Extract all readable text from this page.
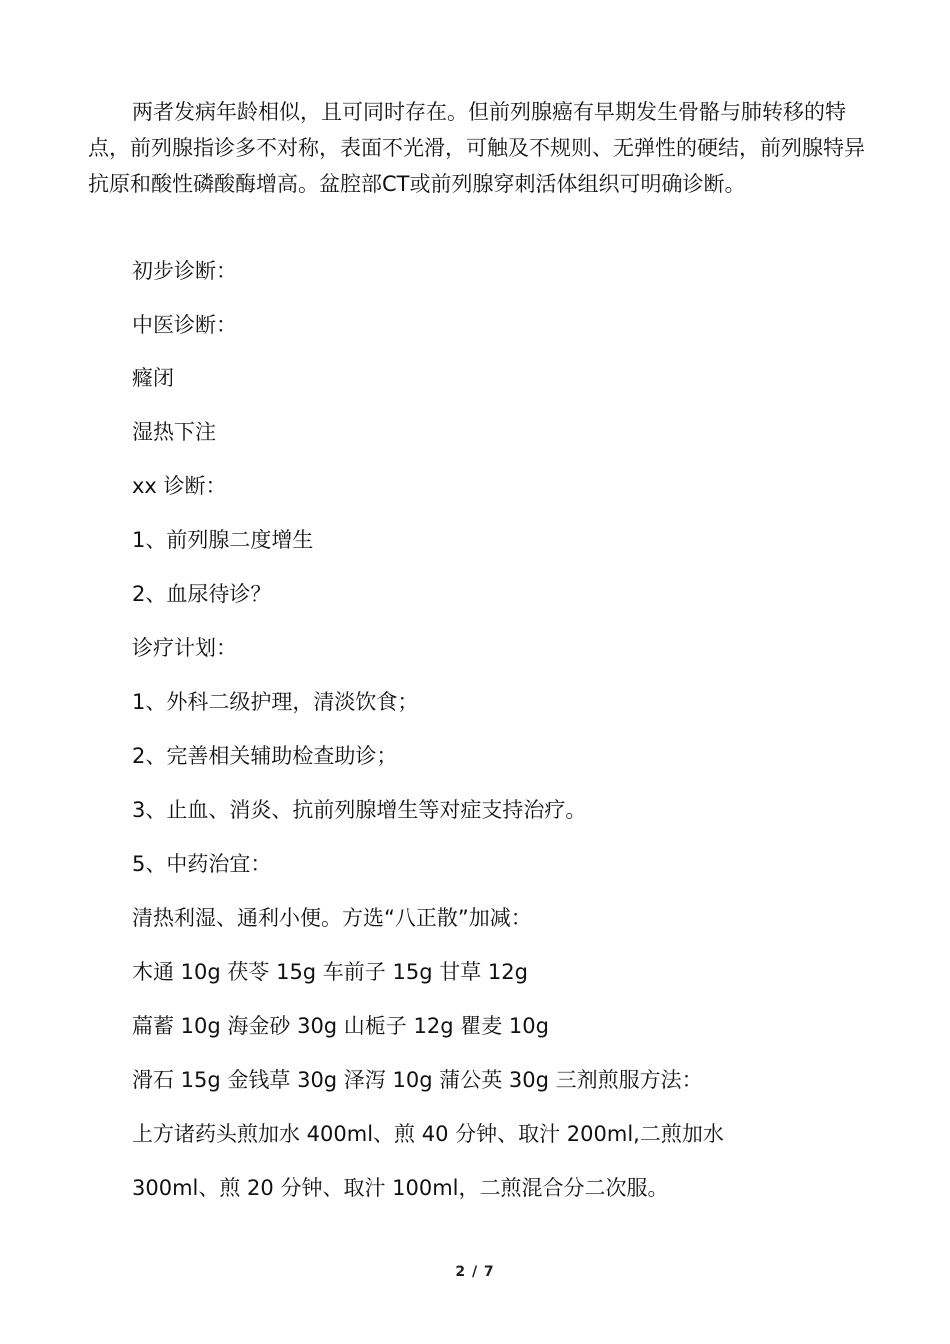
两者发病年龄相似，且可同时存在。但前列腺癌有早期发生骨骼与肺转移的特点，前列腺指诊多不对称，表面不光滑，可触及不规则、无弹性的硬结，前列腺特异抗原和酸性磷酸酶增高。盆腔部CT或前列腺穿刺活体组织可明确诊断。

初步诊断：

中医诊断：

癃闭

湿热下注

xx 诊断：

1、前列腺二度增生

2、血尿待诊？

诊疗计划：

1、外科二级护理，清淡饮食；

2、完善相关辅助检查助诊；

3、止血、消炎、抗前列腺增生等对症支持治疗。

5、中药治宜：

清热利湿、通利小便。方选“八正散”加减：

木通 10g 茯苓 15g 车前子 15g 甘草 12g

萹蓄 10g 海金砂 30g 山栀子 12g 瞿麦 10g

滑石 15g 金钱草 30g 泽泻 10g 蒲公英 30g 三剂煎服方法：

上方诸药头煎加水 400ml、煎 40 分钟、取汁 200ml,二煎加水

300ml、煎 20 分钟、取汁 100ml，二煎混合分二次服。

2 / 7
